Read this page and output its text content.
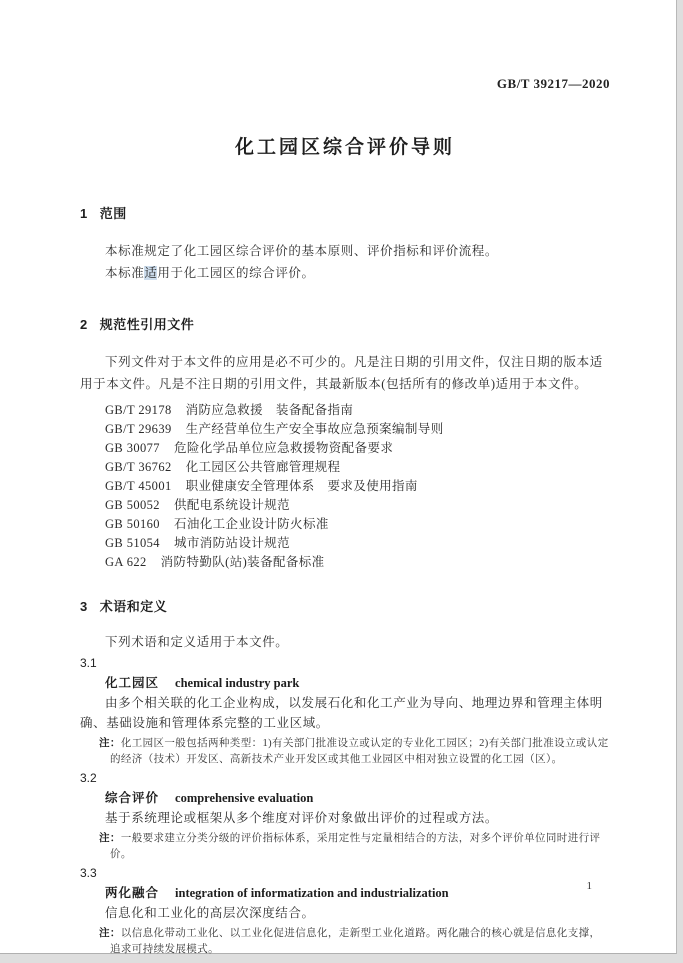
GB/T 39217—2020
化工园区综合评价导则
1 范围

本标准规定了化工园区综合评价的基本原则、评价指标和评价流程。

本标准适用于化工园区的综合评价。

2 规范性引用文件

下列文件对于本文件的应用是必不可少的。凡是注日期的引用文件，仅注日期的版本适用于本文件。凡是不注日期的引用文件，其最新版本(包括所有的修改单)适用于本文件。

GB/T 29178 消防应急救援　装备配备指南

GB/T 29639 生产经营单位生产安全事故应急预案编制导则

GB 30077 危险化学品单位应急救援物资配备要求

GB/T 36762 化工园区公共管廊管理规程

GB/T 45001 职业健康安全管理体系　要求及使用指南

GB 50052 供配电系统设计规范

GB 50160 石油化工企业设计防火标准

GB 51054 城市消防站设计规范

GA 622 消防特勤队(站)装备配备标准

3 术语和定义

下列术语和定义适用于本文件。

3.1

化工园区 chemical industry park

由多个相关联的化工企业构成，以发展石化和化工产业为导向、地理边界和管理主体明确、基础设施和管理体系完整的工业区域。

注：化工园区一般包括两种类型：1)有关部门批准设立或认定的专业化工园区；2)有关部门批准设立或认定的经济（技术）开发区、高新技术产业开发区或其他工业园区中相对独立设置的化工园（区）。

3.2

综合评价 comprehensive evaluation

基于系统理论或框架从多个维度对评价对象做出评价的过程或方法。

注：一般要求建立分类分级的评价指标体系，采用定性与定量相结合的方法，对多个评价单位同时进行评价。

3.3

两化融合 integration of informatization and industrialization

信息化和工业化的高层次深度结合。

注：以信息化带动工业化、以工业化促进信息化，走新型工业化道路。两化融合的核心就是信息化支撑，追求可持续发展模式。

1
